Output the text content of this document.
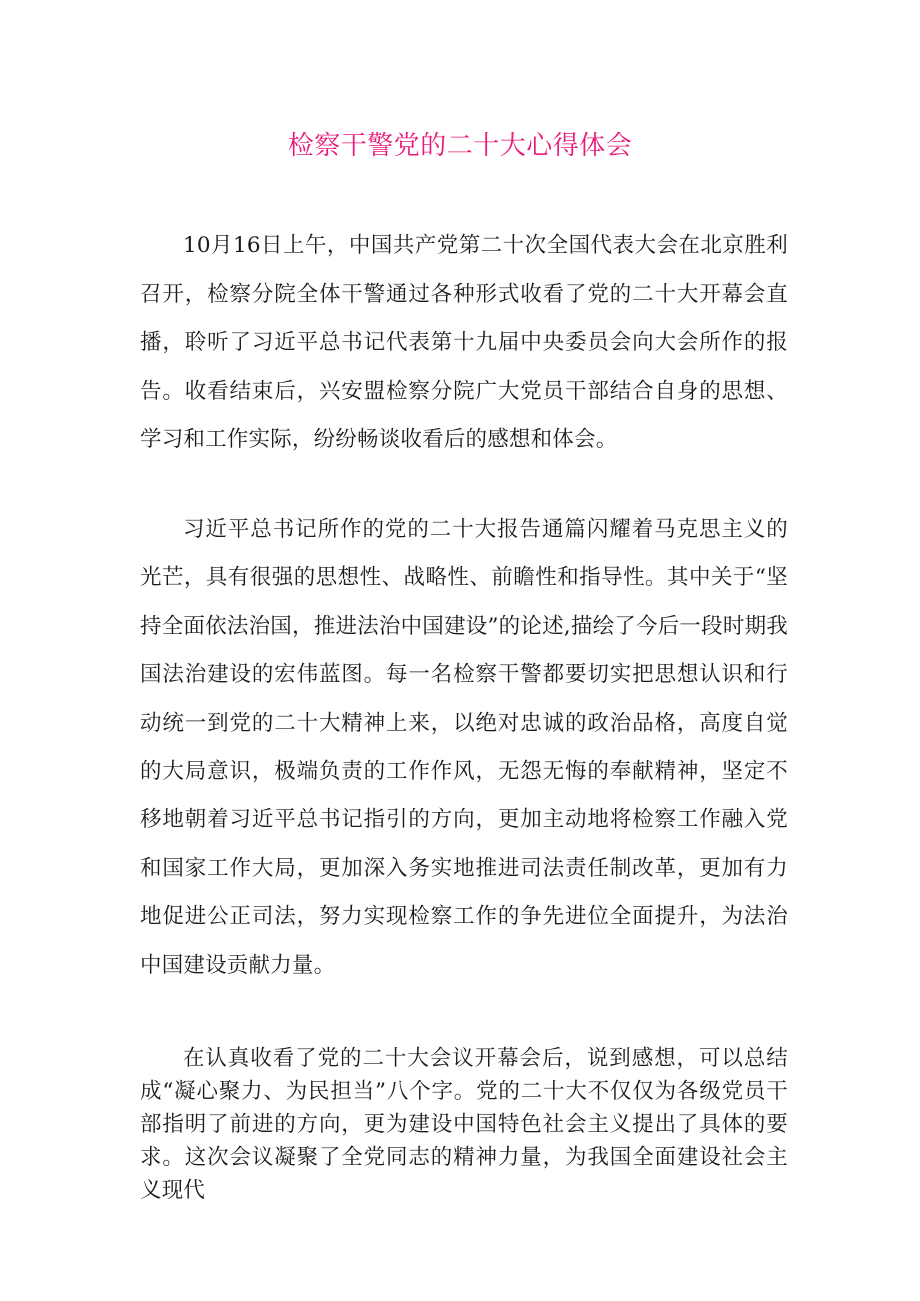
检察干警党的二十大心得体会
10月16日上午，中国共产党第二十次全国代表大会在北京胜利召开，检察分院全体干警通过各种形式收看了党的二十大开幕会直播，聆听了习近平总书记代表第十九届中央委员会向大会所作的报告。收看结束后，兴安盟检察分院广大党员干部结合自身的思想、学习和工作实际，纷纷畅谈收看后的感想和体会。
习近平总书记所作的党的二十大报告通篇闪耀着马克思主义的光芒，具有很强的思想性、战略性、前瞻性和指导性。其中关于“坚持全面依法治国，推进法治中国建设”的论述,描绘了今后一段时期我国法治建设的宏伟蓝图。每一名检察干警都要切实把思想认识和行动统一到党的二十大精神上来，以绝对忠诚的政治品格，高度自觉的大局意识，极端负责的工作作风，无怨无悔的奉献精神，坚定不移地朝着习近平总书记指引的方向，更加主动地将检察工作融入党和国家工作大局，更加深入务实地推进司法责任制改革，更加有力地促进公正司法，努力实现检察工作的争先进位全面提升，为法治中国建设贡献力量。
在认真收看了党的二十大会议开幕会后，说到感想，可以总结成“凝心聚力、为民担当”八个字。党的二十大不仅仅为各级党员干部指明了前进的方向，更为建设中国特色社会主义提出了具体的要求。这次会议凝聚了全党同志的精神力量，为我国全面建设社会主义现代
